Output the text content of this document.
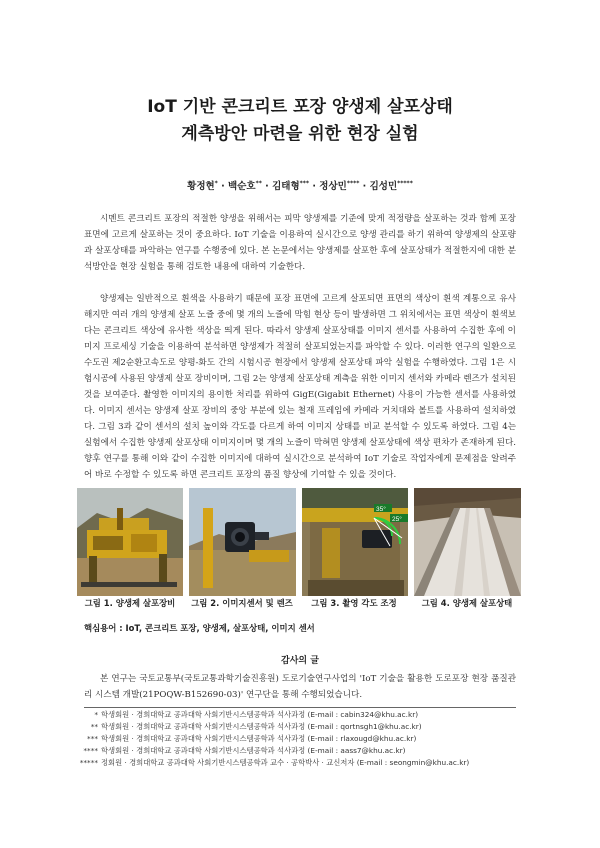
IoT 기반 콘크리트 포장 양생제 살포상태
계측방안 마련을 위한 현장 실험
황정현* · 백순호** · 김태형*** · 정상민**** · 김성민*****

시멘트 콘크리트 포장의 적절한 양생을 위해서는 피막 양생제를 기준에 맞게 적정량을 살포하는 것과 함께 포장 표면에 고르게 살포하는 것이 중요하다. IoT 기술을 이용하여 실시간으로 양생 관리를 하기 위하여 양생제의 살포량과 살포상태를 파악하는 연구를 수행중에 있다. 본 논문에서는 양생제를 살포한 후에 살포상태가 적절한지에 대한 분석방안을 현장 실험을 통해 검토한 내용에 대하여 기술한다.

양생제는 일반적으로 흰색을 사용하기 때문에 포장 표면에 고르게 살포되면 표면의 색상이 흰색 계통으로 유사해지만 여러 개의 양생제 살포 노즐 중에 몇 개의 노즐에 막힘 현상 등이 발생하면 그 위치에서는 표면 색상이 흰색보다는 콘크리트 색상에 유사한 색상을 띄게 된다. 따라서 양생제 살포상태를 이미지 센서를 사용하여 수집한 후에 이미지 프로세싱 기술을 이용하여 분석하면 양생제가 적절히 살포되었는지를 파악할 수 있다. 이러한 연구의 일환으로 수도권 제2순환고속도로 양평-화도 간의 시험시공 현장에서 양생제 살포상태 파악 실험을 수행하였다. 그림 1은 시험시공에 사용된 양생제 살포 장비이며, 그림 2는 양생제 살포상태 계측을 위한 이미지 센서와 카메라 렌즈가 설치된 것을 보여준다. 촬영한 이미지의 용이한 처리를 위하여 GigE(Gigabit Ethernet) 사용이 가능한 센서를 사용하였다. 이미지 센서는 양생제 살포 장비의 중앙 부분에 있는 철재 프레임에 카메라 거치대와 볼트를 사용하여 설치하였다. 그림 3과 같이 센서의 설치 높이와 각도를 다르게 하여 이미지 상태를 비교 분석할 수 있도록 하였다. 그림 4는 실험에서 수집한 양생제 살포상태 이미지이며 몇 개의 노즐이 막혀면 양생제 살포상태에 색상 편차가 존재하게 된다. 향후 연구를 통해 이와 같이 수집한 이미지에 대하여 실시간으로 분석하여 IoT 기술로 작업자에게 문제점을 알려주어 바로 수정할 수 있도록 하면 콘크리트 포장의 품질 향상에 기여할 수 있을 것이다.

35°
25°
그림 1. 양생제 살포장비	그림 2. 이미지센서 및 렌즈	그림 3. 촬영 각도 조정	그림 4. 양생제 살포상태
핵심용어 : IoT, 콘크리트 포장, 양생제, 살포상태, 이미지 센서
감사의 글

본 연구는 국토교통부(국토교통과학기술진흥원) 도로기술연구사업의 'IoT 기술을 활용한 도로포장 현장 품질관리 시스템 개발(21POQW-B152690-03)' 연구단을 통해 수행되었습니다.

* 학생회원 · 경희대학교 공과대학 사회기반시스템공학과 석사과정 (E-mail : cabin324@khu.ac.kr)
** 학생회원 · 경희대학교 공과대학 사회기반시스템공학과 석사과정 (E-mail : qortnsgh1@khu.ac.kr)
*** 학생회원 · 경희대학교 공과대학 사회기반시스템공학과 석사과정 (E-mail : rlaxougd@khu.ac.kr)
**** 학생회원 · 경희대학교 공과대학 사회기반시스템공학과 석사과정 (E-mail : aass7@khu.ac.kr)
***** 정회원 · 경희대학교 공과대학 사회기반시스템공학과 교수 · 공학박사 · 교신저자 (E-mail : seongmin@khu.ac.kr)
